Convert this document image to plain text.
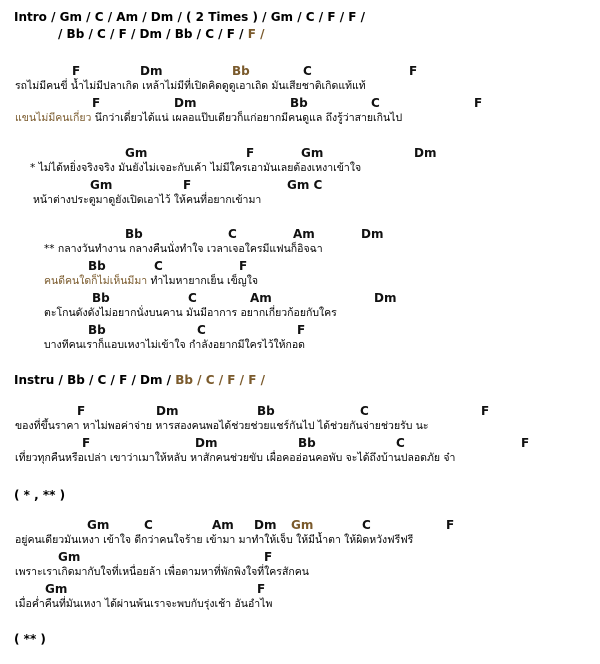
Intro / Gm / C / Am / Dm / ( 2 Times ) / Gm / C / F / F /
/ Bb / C / F / Dm / Bb / C / F / F /
F	Dm	Bb	C	F
รถไม่มีคนขี่ น้ำไม่มีปลาเกิด เหล้าไม่มีที่เปิดคิดดูดูเอาเถิด มันเสียชาติเกิดแท้แท้
F	Dm	Bb	C	F
แขนไม่มีคนเกี่ยว นึกว่าเดี่ยวได้แน่ เผลอแป๊บเดียวก็แก่อยากมีคนดูแล ถึงรู้ว่าสายเกินไป
Gm	F	Gm	Dm
* ไม่ได้หยิ่งจริงจริง มันยังไม่เจอะกับเค้า ไม่มีใครเอามันเลยต้องเหงาเข้าใจ
Gm	F	Gm C
หน้าต่างประตูมาดูยังเปิดเอาไว้ ให้คนที่อยากเข้ามา
Bb	C	Am	Dm
** กลางวันทำงาน กลางคืนนั่งทำใจ เวลาเจอใครมีแฟนก็อิจฉา
Bb	C	F
คนดีคนใดก็ไม่เห็นมีมา ทำไมหายากเย็น เข็ญใจ
Bb	C	Am	Dm
ตะโกนดังดังไม่อยากนั่งบนคาน มันมีอาการ อยากเกี่ยวก้อยกับใคร
Bb	C	F
บางทีคนเราก็แอบเหงาไม่เข้าใจ กำลังอยากมีใครไว้ให้กอด
Instru / Bb / C / F / Dm / Bb / C / F / F /
F	Dm	Bb	C	F
ของที่ขึ้นราคา หาไม่พอค่าจ่าย หารสองคนพอได้ช่วยช่วยแชร์กันไป ได้ช่วยกันจ่ายช่วยรับ นะ
F	Dm	Bb	C	F
เที่ยวทุกคืนหรือเปล่า เขาว่าเมาให้หลับ หาสักคนช่วยขับ เผื่อคออ่อนคอพับ จะได้ถึงบ้านปลอดภัย จ๋า
( * , ** )
Gm	C	Am Dm Gm	C	F
อยู่คนเดียวมันเหงา เข้าใจ ดีกว่าคนใจร้าย เข้ามา มาทำให้เจ็บ ให้มีน้ำตา ให้ผิดหวังฟรีฟรี
Gm	F
เพราะเราเกิดมากับใจที่เหนื่อยล้า เพื่อตามหาที่พักพิงใจที่ใครสักคน
Gm	F
เมื่อค่ำคืนที่มันเหงา ได้ผ่านพ้นเราจะพบกับรุ่งเช้า อันอำไพ
( ** )
